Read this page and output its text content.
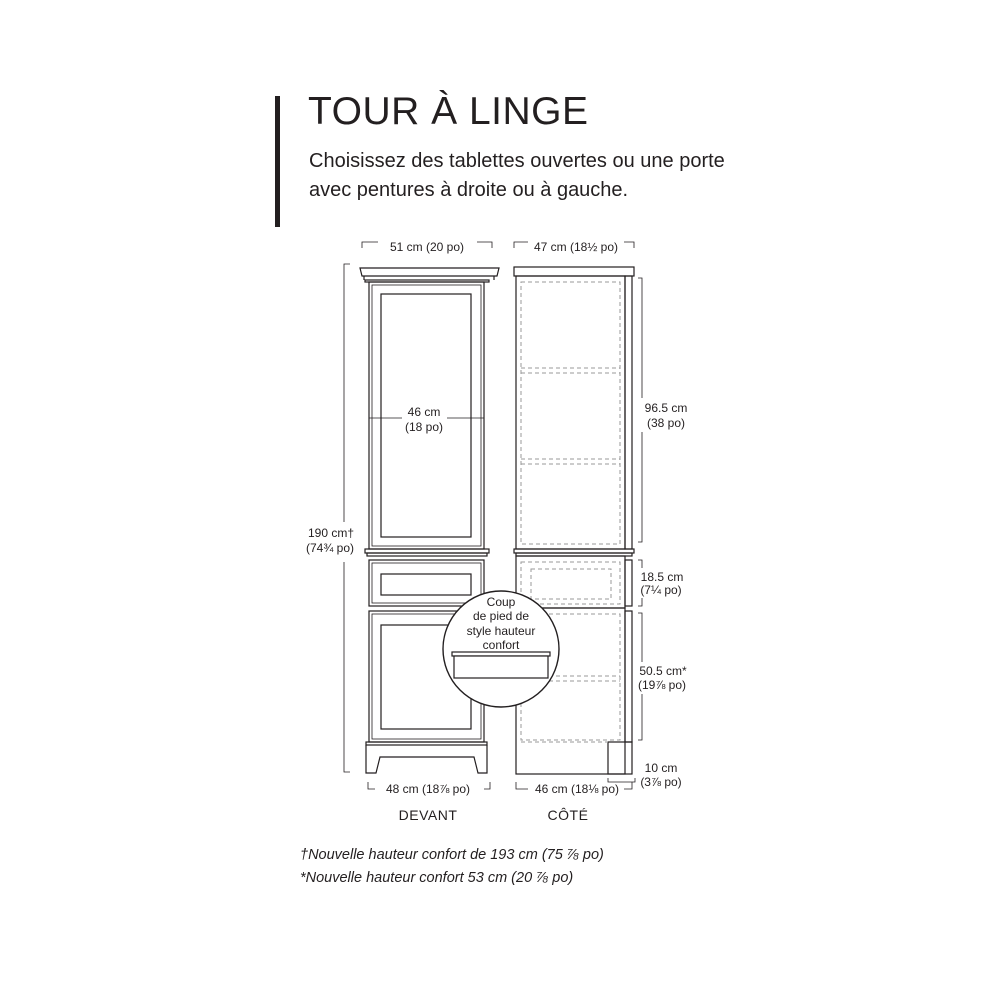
TOUR À LINGE
Choisissez des tablettes ouvertes ou une porte avec pentures à droite ou à gauche.
51 cm (20 po)
190 cm†
(74¾ po)
46 cm
(18 po)
48 cm (18⅞ po)
47 cm (18½ po)
96.5 cm
(38 po)
18.5 cm
(7¼ po)
50.5 cm*
(19⅞ po)
10 cm
(3⅞ po)
46 cm (18⅛ po)
Coup
de pied de
style hauteur
confort
DEVANT	CÔTÉ
†Nouvelle hauteur confort de 193 cm (75 ⅞ po)
*Nouvelle hauteur confort 53 cm (20 ⅞ po)
